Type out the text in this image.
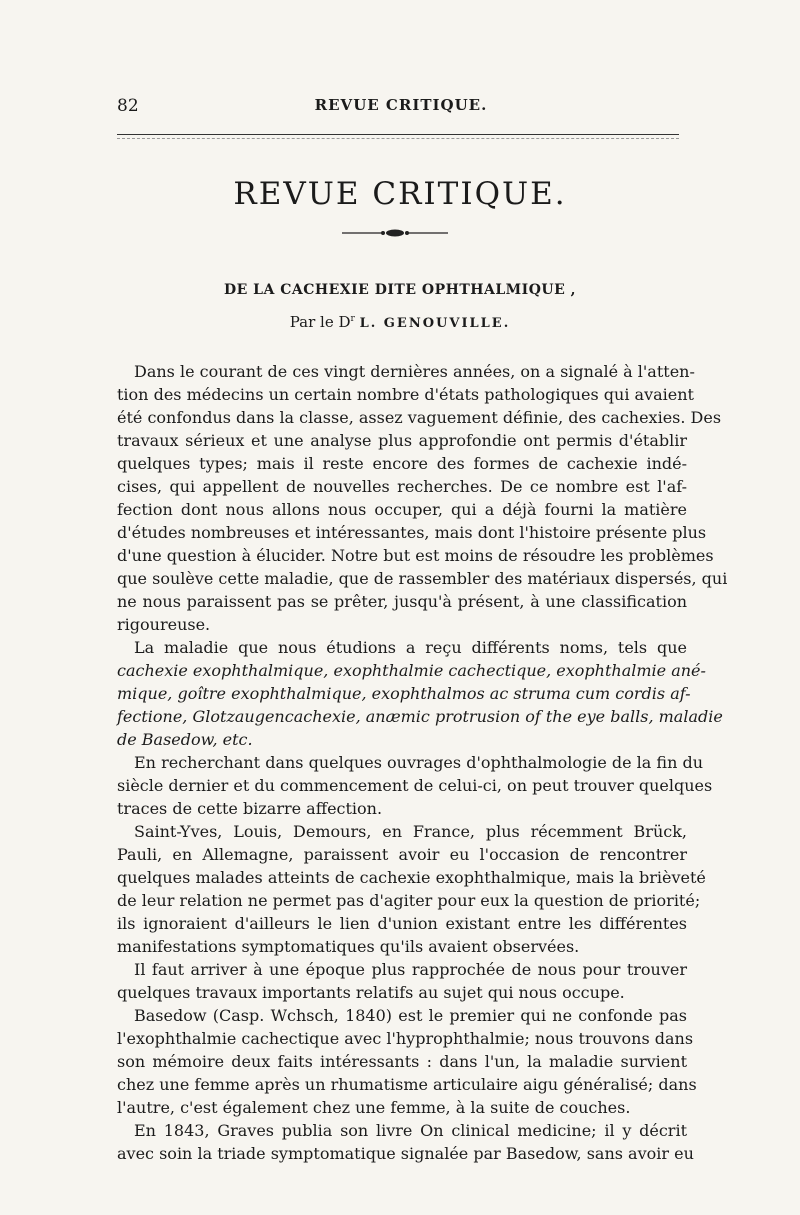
82	REVUE CRITIQUE.
REVUE CRITIQUE.
DE LA CACHEXIE DITE OPHTHALMIQUE ,
Par le $D^r$ L. GENOUVILLE.

Dans le courant de ces vingt dernières années, on a signalé à l'atten-
tion des médecins un certain nombre d'états pathologiques qui avaient
été confondus dans la classe, assez vaguement définie, des cachexies. Des
travaux sérieux et une analyse plus approfondie ont permis d'établir
quelques types; mais il reste encore des formes de cachexie indé-
cises, qui appellent de nouvelles recherches. De ce nombre est l'af-
fection dont nous allons nous occuper, qui a déjà fourni la matière
d'études nombreuses et intéressantes, mais dont l'histoire présente plus
d'une question à élucider. Notre but est moins de résoudre les problèmes
que soulève cette maladie, que de rassembler des matériaux dispersés, qui
ne nous paraissent pas se prêter, jusqu'à présent, à une classification
rigoureuse.

La maladie que nous étudions a reçu différents noms, tels que
cachexie exophthalmique, exophthalmie cachectique, exophthalmie ané-
mique, goître exophthalmique, exophthalmos ac struma cum cordis af-
fectione, Glotzaugencachexie, anæmic protrusion of the eye balls, maladie
de Basedow, etc.

En recherchant dans quelques ouvrages d'ophthalmologie de la fin du
siècle dernier et du commencement de celui-ci, on peut trouver quelques
traces de cette bizarre affection.

Saint-Yves, Louis, Demours, en France, plus récemment Brück,
Pauli, en Allemagne, paraissent avoir eu l'occasion de rencontrer
quelques malades atteints de cachexie exophthalmique, mais la brièveté
de leur relation ne permet pas d'agiter pour eux la question de priorité;
ils ignoraient d'ailleurs le lien d'union existant entre les différentes
manifestations symptomatiques qu'ils avaient observées.

Il faut arriver à une époque plus rapprochée de nous pour trouver
quelques travaux importants relatifs au sujet qui nous occupe.

Basedow (Casp. Wchsch, 1840) est le premier qui ne confonde pas
l'exophthalmie cachectique avec l'hyprophthalmie; nous trouvons dans
son mémoire deux faits intéressants : dans l'un, la maladie survient
chez une femme après un rhumatisme articulaire aigu généralisé; dans
l'autre, c'est également chez une femme, à la suite de couches.

En 1843, Graves publia son livre On clinical medicine; il y décrit
avec soin la triade symptomatique signalée par Basedow, sans avoir eu
